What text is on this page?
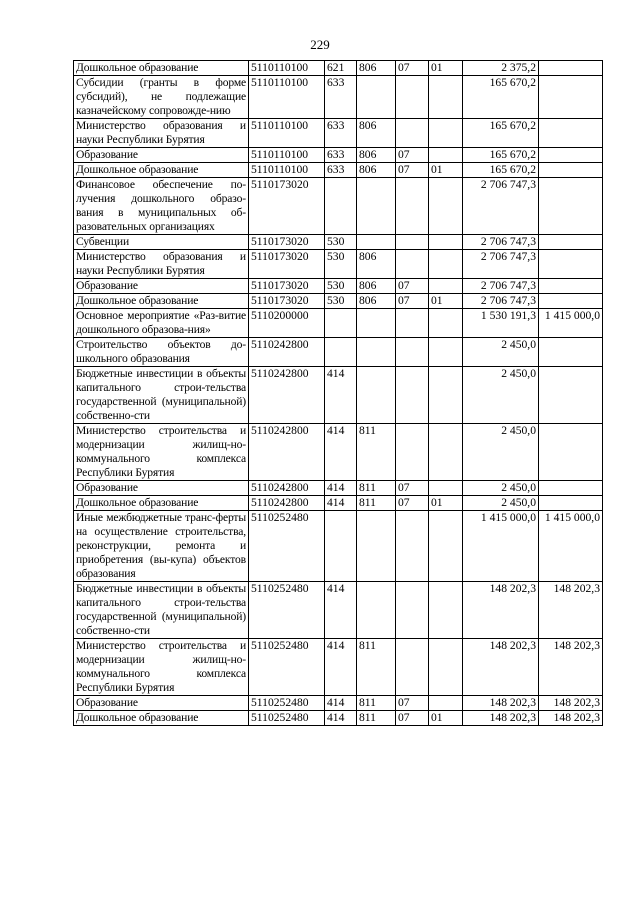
229
Дошкольное образование	5110110100	621	806	07	01	2 375,2	
Субсидии (гранты в форме субсидий), не подлежащие казначейскому сопровожде-нию	5110110100	633				165 670,2	
Министерство образования и науки Республики Бурятия	5110110100	633	806			165 670,2	
Образование	5110110100	633	806	07		165 670,2	
Дошкольное образование	5110110100	633	806	07	01	165 670,2	
Финансовое обеспечение по-лучения дошкольного образо-вания в муниципальных об-разовательных организациях	5110173020					2 706 747,3	
Субвенции	5110173020	530				2 706 747,3	
Министерство образования и науки Республики Бурятия	5110173020	530	806			2 706 747,3	
Образование	5110173020	530	806	07		2 706 747,3	
Дошкольное образование	5110173020	530	806	07	01	2 706 747,3	
Основное мероприятие «Раз-витие дошкольного образова-ния»	5110200000					1 530 191,3	1 415 000,0
Строительство объектов до-школьного образования	5110242800					2 450,0	
Бюджетные инвестиции в объекты капитального строи-тельства государственной (муниципальной) собственно-сти	5110242800	414				2 450,0	
Министерство строительства и модернизации жилищ-но-коммунального комплекса Республики Бурятия	5110242800	414	811			2 450,0	
Образование	5110242800	414	811	07		2 450,0	
Дошкольное образование	5110242800	414	811	07	01	2 450,0	
Иные межбюджетные транс-ферты на осуществление строительства, реконструкции, ремонта и приобретения (вы-купа) объектов образования	5110252480					1 415 000,0	1 415 000,0
Бюджетные инвестиции в объекты капитального строи-тельства государственной (муниципальной) собственно-сти	5110252480	414				148 202,3	148 202,3
Министерство строительства и модернизации жилищ-но-коммунального комплекса Республики Бурятия	5110252480	414	811			148 202,3	148 202,3
Образование	5110252480	414	811	07		148 202,3	148 202,3
Дошкольное образование	5110252480	414	811	07	01	148 202,3	148 202,3
